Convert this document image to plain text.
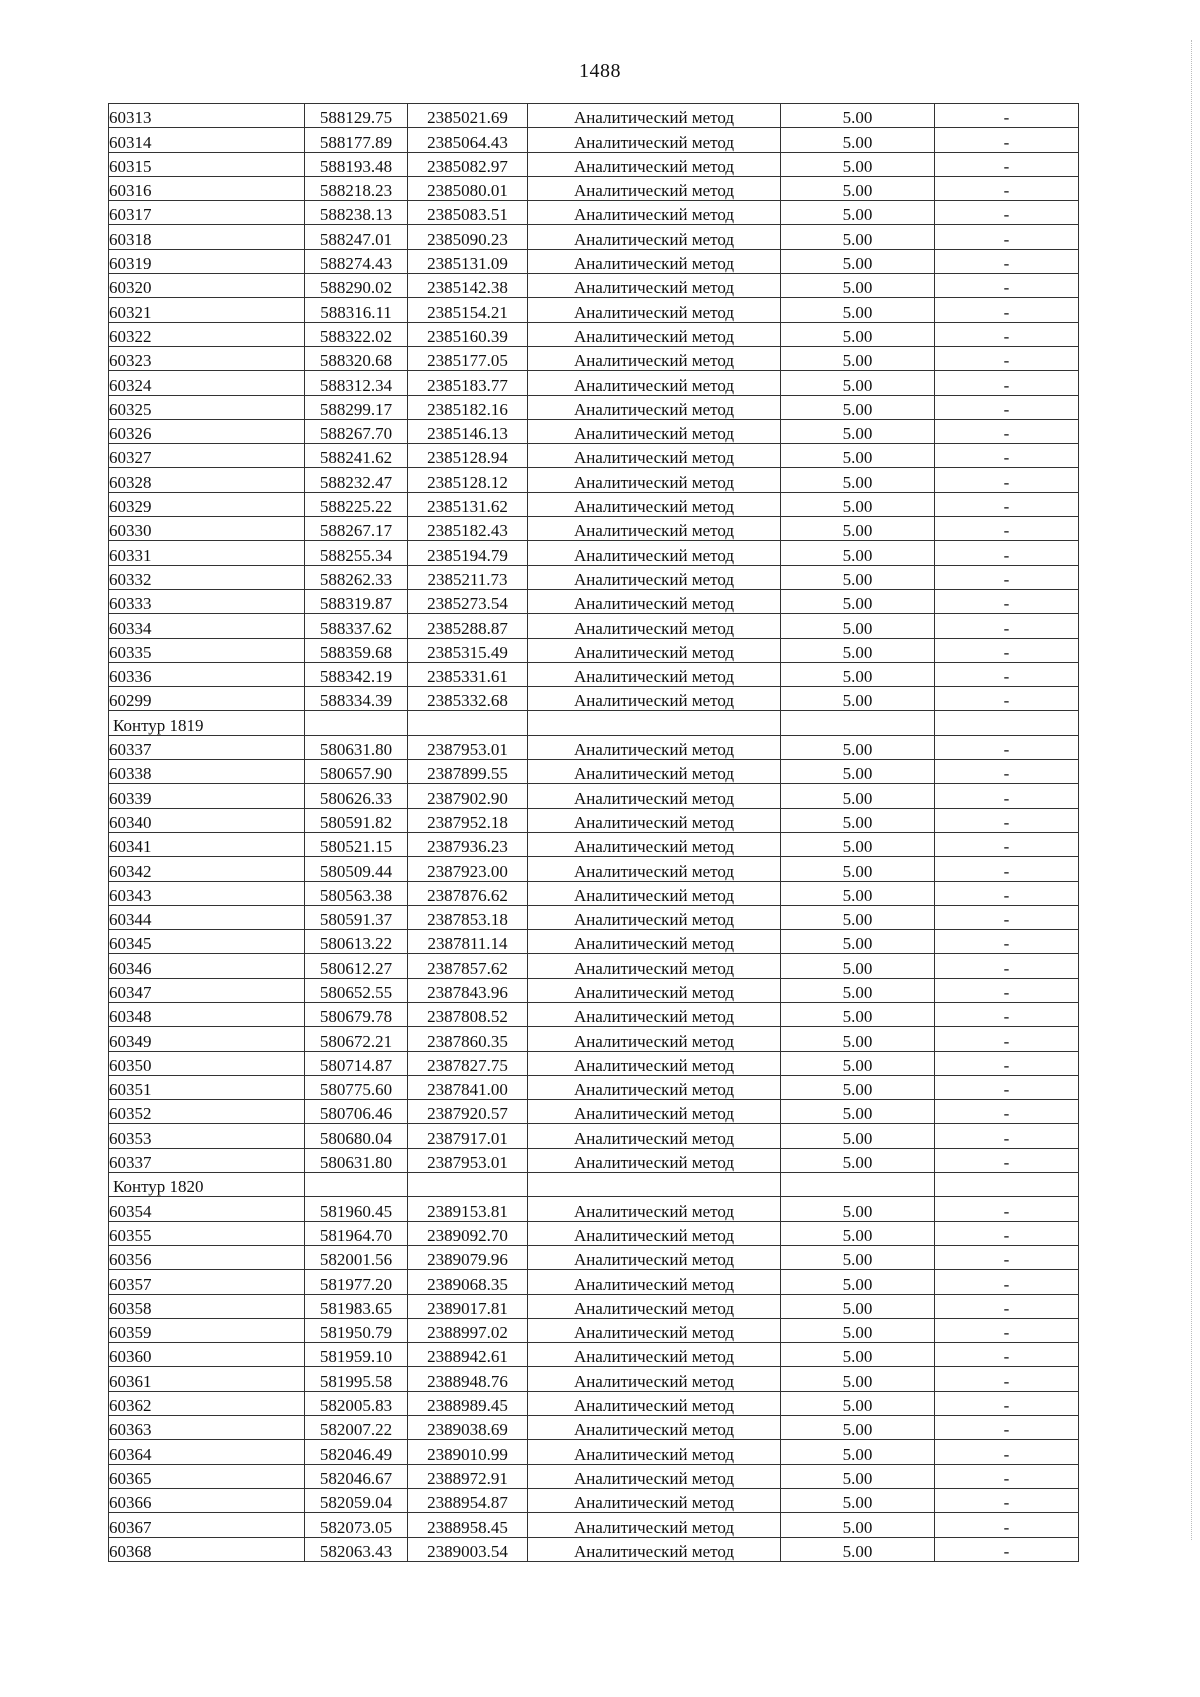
1488
60313	588129.75	2385021.69	Аналитический метод	5.00	-
60314	588177.89	2385064.43	Аналитический метод	5.00	-
60315	588193.48	2385082.97	Аналитический метод	5.00	-
60316	588218.23	2385080.01	Аналитический метод	5.00	-
60317	588238.13	2385083.51	Аналитический метод	5.00	-
60318	588247.01	2385090.23	Аналитический метод	5.00	-
60319	588274.43	2385131.09	Аналитический метод	5.00	-
60320	588290.02	2385142.38	Аналитический метод	5.00	-
60321	588316.11	2385154.21	Аналитический метод	5.00	-
60322	588322.02	2385160.39	Аналитический метод	5.00	-
60323	588320.68	2385177.05	Аналитический метод	5.00	-
60324	588312.34	2385183.77	Аналитический метод	5.00	-
60325	588299.17	2385182.16	Аналитический метод	5.00	-
60326	588267.70	2385146.13	Аналитический метод	5.00	-
60327	588241.62	2385128.94	Аналитический метод	5.00	-
60328	588232.47	2385128.12	Аналитический метод	5.00	-
60329	588225.22	2385131.62	Аналитический метод	5.00	-
60330	588267.17	2385182.43	Аналитический метод	5.00	-
60331	588255.34	2385194.79	Аналитический метод	5.00	-
60332	588262.33	2385211.73	Аналитический метод	5.00	-
60333	588319.87	2385273.54	Аналитический метод	5.00	-
60334	588337.62	2385288.87	Аналитический метод	5.00	-
60335	588359.68	2385315.49	Аналитический метод	5.00	-
60336	588342.19	2385331.61	Аналитический метод	5.00	-
60299	588334.39	2385332.68	Аналитический метод	5.00	-
Контур 1819					
60337	580631.80	2387953.01	Аналитический метод	5.00	-
60338	580657.90	2387899.55	Аналитический метод	5.00	-
60339	580626.33	2387902.90	Аналитический метод	5.00	-
60340	580591.82	2387952.18	Аналитический метод	5.00	-
60341	580521.15	2387936.23	Аналитический метод	5.00	-
60342	580509.44	2387923.00	Аналитический метод	5.00	-
60343	580563.38	2387876.62	Аналитический метод	5.00	-
60344	580591.37	2387853.18	Аналитический метод	5.00	-
60345	580613.22	2387811.14	Аналитический метод	5.00	-
60346	580612.27	2387857.62	Аналитический метод	5.00	-
60347	580652.55	2387843.96	Аналитический метод	5.00	-
60348	580679.78	2387808.52	Аналитический метод	5.00	-
60349	580672.21	2387860.35	Аналитический метод	5.00	-
60350	580714.87	2387827.75	Аналитический метод	5.00	-
60351	580775.60	2387841.00	Аналитический метод	5.00	-
60352	580706.46	2387920.57	Аналитический метод	5.00	-
60353	580680.04	2387917.01	Аналитический метод	5.00	-
60337	580631.80	2387953.01	Аналитический метод	5.00	-
Контур 1820					
60354	581960.45	2389153.81	Аналитический метод	5.00	-
60355	581964.70	2389092.70	Аналитический метод	5.00	-
60356	582001.56	2389079.96	Аналитический метод	5.00	-
60357	581977.20	2389068.35	Аналитический метод	5.00	-
60358	581983.65	2389017.81	Аналитический метод	5.00	-
60359	581950.79	2388997.02	Аналитический метод	5.00	-
60360	581959.10	2388942.61	Аналитический метод	5.00	-
60361	581995.58	2388948.76	Аналитический метод	5.00	-
60362	582005.83	2388989.45	Аналитический метод	5.00	-
60363	582007.22	2389038.69	Аналитический метод	5.00	-
60364	582046.49	2389010.99	Аналитический метод	5.00	-
60365	582046.67	2388972.91	Аналитический метод	5.00	-
60366	582059.04	2388954.87	Аналитический метод	5.00	-
60367	582073.05	2388958.45	Аналитический метод	5.00	-
60368	582063.43	2389003.54	Аналитический метод	5.00	-
